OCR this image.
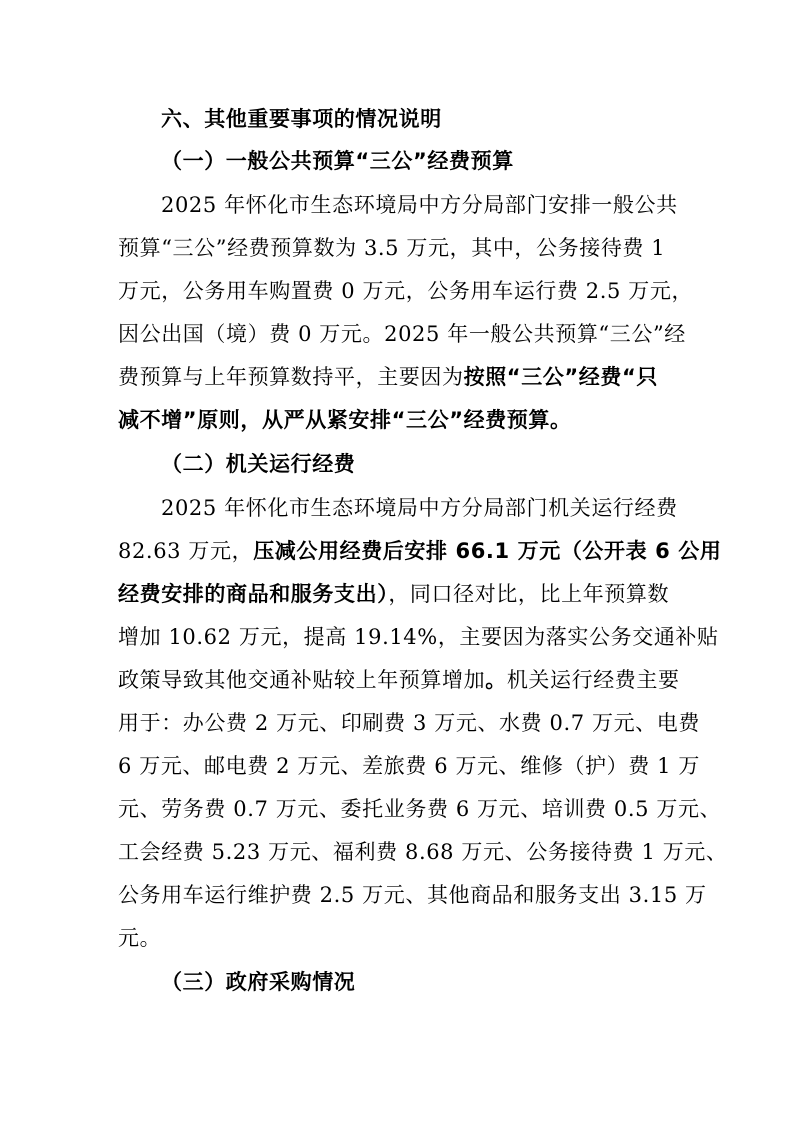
六、其他重要事项的情况说明
（一）一般公共预算“三公”经费预算
2025 年怀化市生态环境局中方分局部门安排一般公共
预算“三公”经费预算数为 3.5 万元，其中，公务接待费 1
万元，公务用车购置费 0 万元，公务用车运行费 2.5 万元，
因公出国（境）费 0 万元。2025 年一般公共预算“三公”经
费预算与上年预算数持平，主要因为按照“三公”经费“只
减不增”原则，从严从紧安排“三公”经费预算。
（二）机关运行经费
2025 年怀化市生态环境局中方分局部门机关运行经费
82.63 万元，压减公用经费后安排 66.1 万元（公开表 6 公用
经费安排的商品和服务支出），同口径对比，比上年预算数
增加 10.62 万元，提高 19.14%，主要因为落实公务交通补贴
政策导致其他交通补贴较上年预算增加。机关运行经费主要
用于：办公费 2 万元、印刷费 3 万元、水费 0.7 万元、电费
6 万元、邮电费 2 万元、差旅费 6 万元、维修（护）费 1 万
元、劳务费 0.7 万元、委托业务费 6 万元、培训费 0.5 万元、
工会经费 5.23 万元、福利费 8.68 万元、公务接待费 1 万元、
公务用车运行维护费 2.5 万元、其他商品和服务支出 3.15 万
元。
（三）政府采购情况
